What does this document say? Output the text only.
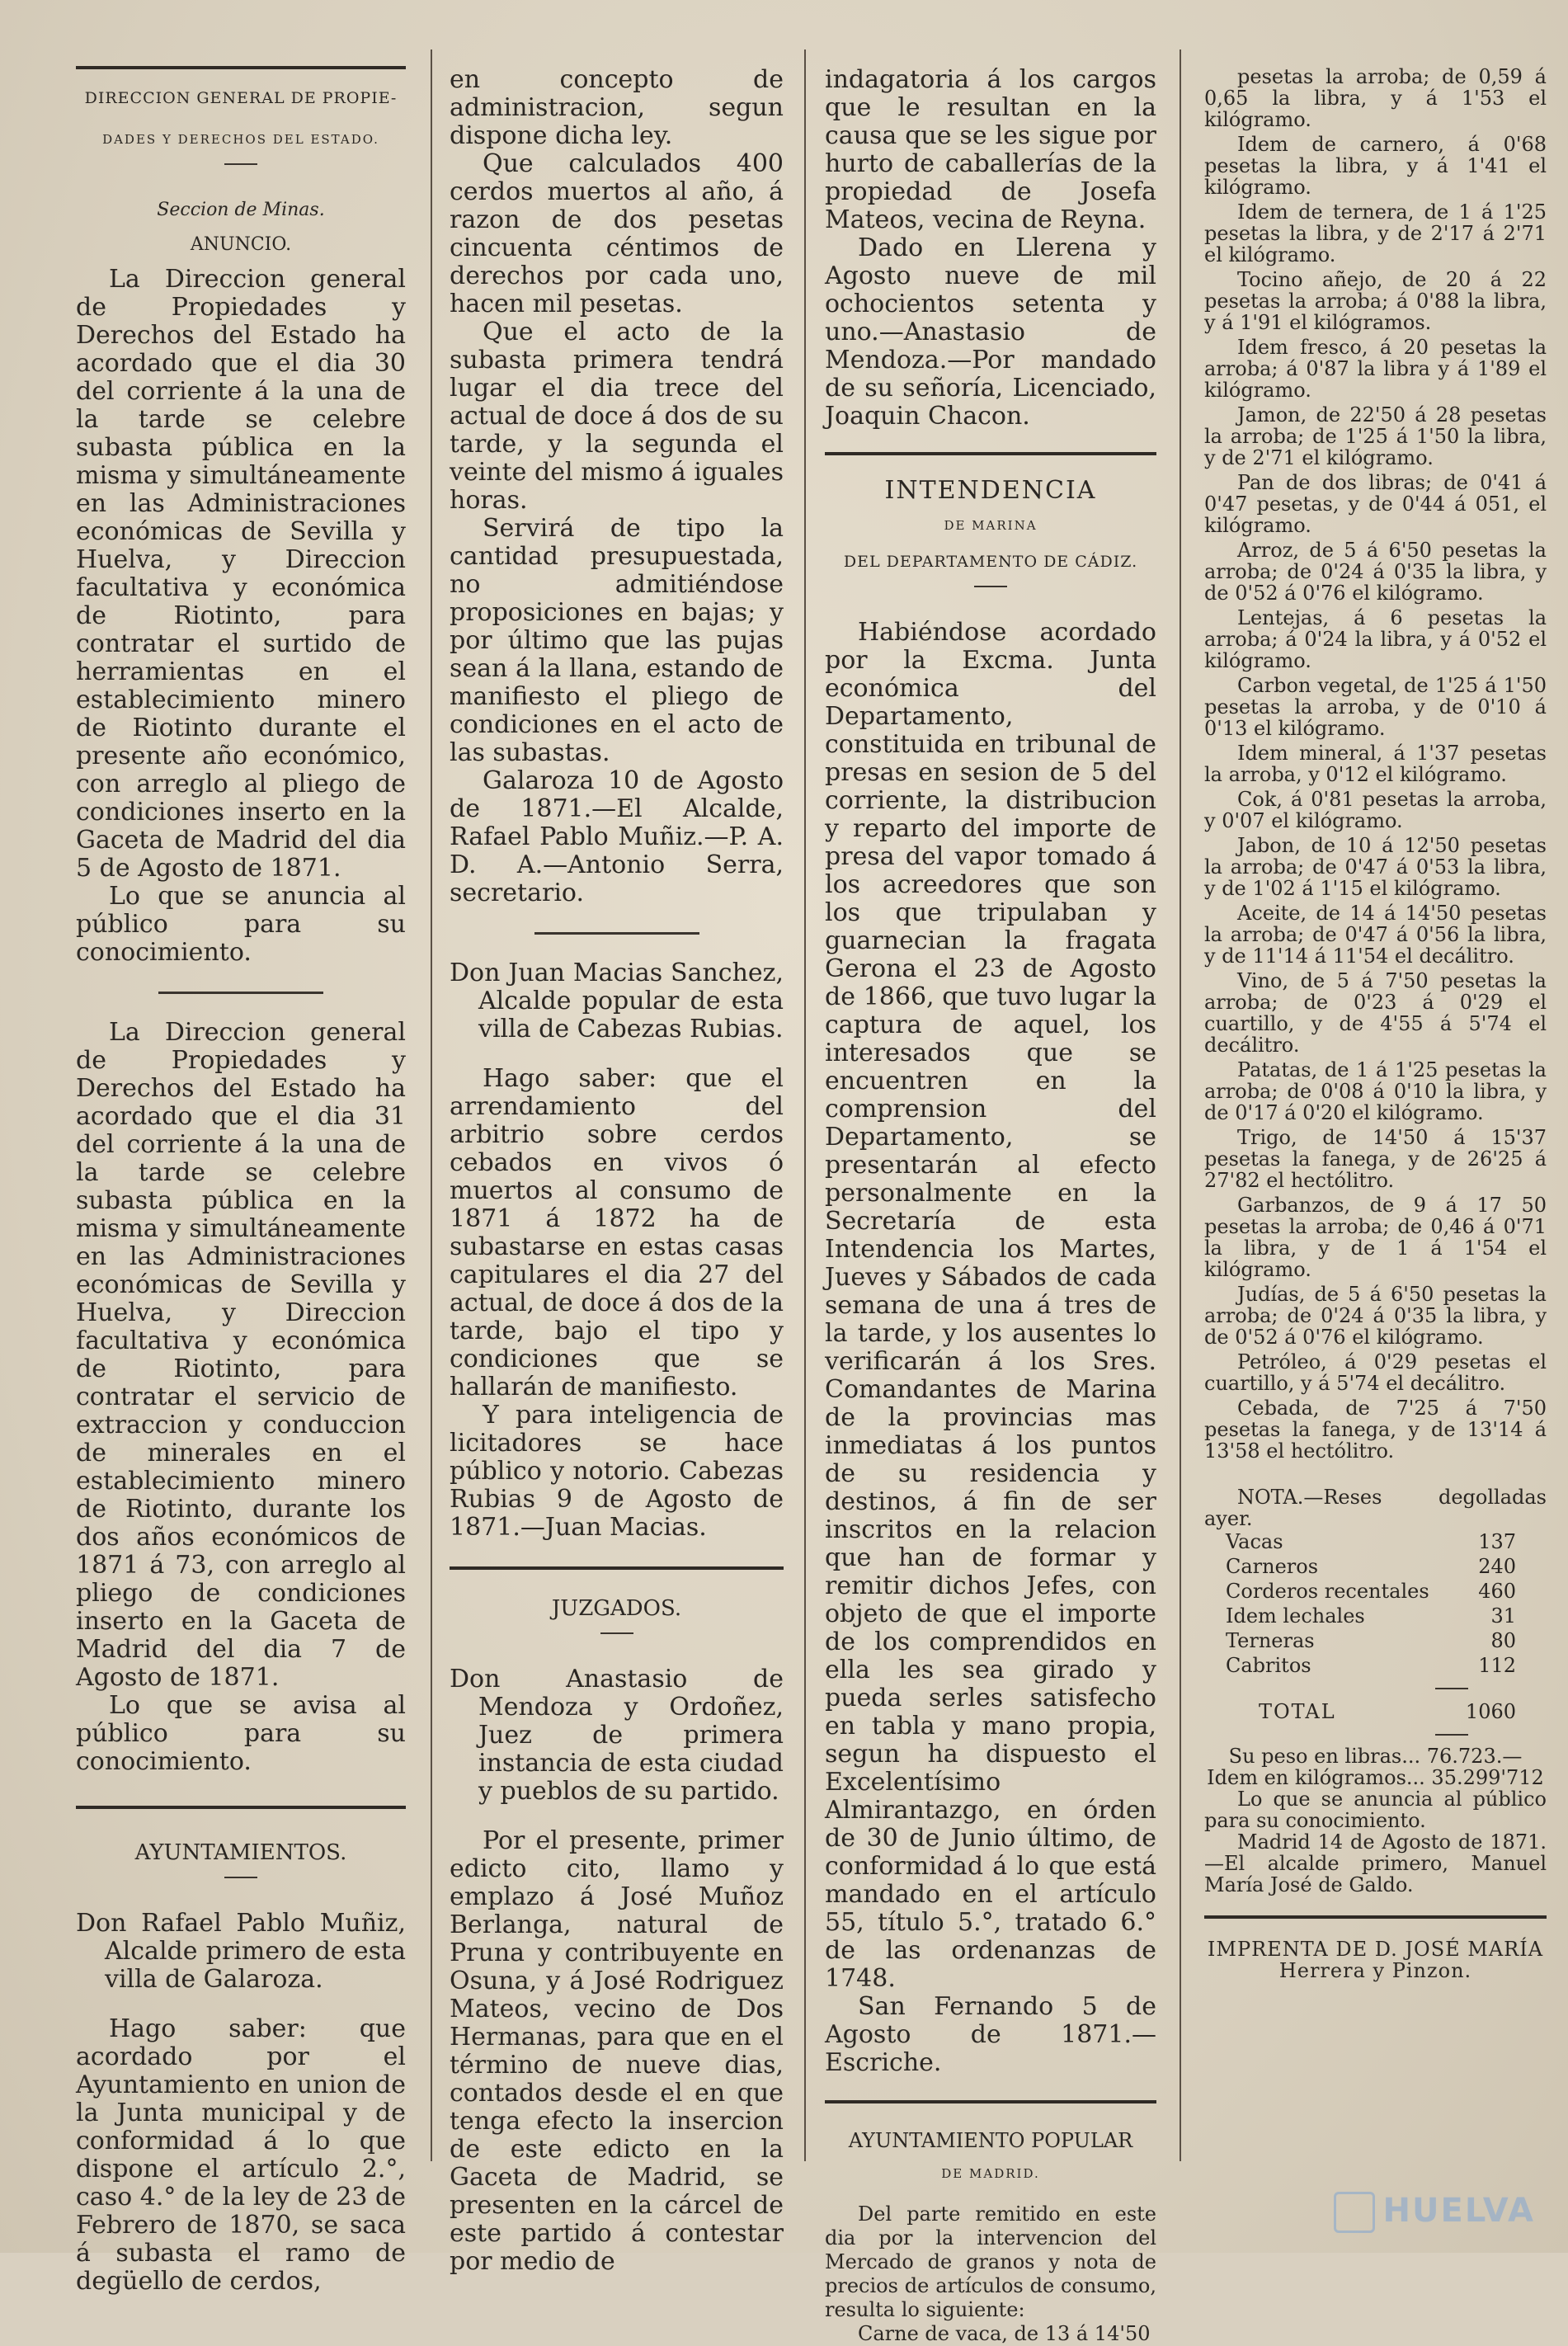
DIRECCION GENERAL DE PROPIE-

DADES Y DERECHOS DEL ESTADO.

Seccion de Minas.

ANUNCIO.

La Direccion general de Propiedades y Derechos del Estado ha acordado que el dia 30 del corriente á la una de la tarde se celebre subasta pública en la misma y simultáneamente en las Administraciones económicas de Sevilla y Huelva, y Direccion facultativa y económica de Riotinto, para contratar el surtido de herramientas en el establecimiento minero de Riotinto durante el presente año económico, con arreglo al pliego de condiciones inserto en la Gaceta de Madrid del dia 5 de Agosto de 1871.

Lo que se anuncia al público para su conocimiento.

La Direccion general de Propiedades y Derechos del Estado ha acordado que el dia 31 del corriente á la una de la tarde se celebre subasta pública en la misma y simultáneamente en las Administraciones económicas de Sevilla y Huelva, y Direccion facultativa y económica de Riotinto, para contratar el servicio de extraccion y conduccion de minerales en el establecimiento minero de Riotinto, durante los dos años económicos de 1871 á 73, con arreglo al pliego de condiciones inserto en la Gaceta de Madrid del dia 7 de Agosto de 1871.

Lo que se avisa al público para su conocimiento.

AYUNTAMIENTOS.

Don Rafael Pablo Muñiz, Alcalde primero de esta villa de Galaroza.

Hago saber: que acordado por el Ayuntamiento en union de la Junta municipal y de conformidad á lo que dispone el artículo 2.°, caso 4.° de la ley de 23 de Febrero de 1870, se saca á subasta el ramo de degüello de cerdos,

en concepto de administracion, segun dispone dicha ley.

Que calculados 400 cerdos muertos al año, á razon de dos pesetas cincuenta céntimos de derechos por cada uno, hacen mil pesetas.

Que el acto de la subasta primera tendrá lugar el dia trece del actual de doce á dos de su tarde, y la segunda el veinte del mismo á iguales horas.

Servirá de tipo la cantidad presupuestada, no admitiéndose proposiciones en bajas; y por último que las pujas sean á la llana, estando de manifiesto el pliego de condiciones en el acto de las subastas.

Galaroza 10 de Agosto de 1871.—El Alcalde, Rafael Pablo Muñiz.—P. A. D. A.—Antonio Serra, secretario.

Don Juan Macias Sanchez, Alcalde popular de esta villa de Cabezas Rubias.

Hago saber: que el arrendamiento del arbitrio sobre cerdos cebados en vivos ó muertos al consumo de 1871 á 1872 ha de subastarse en estas casas capitulares el dia 27 del actual, de doce á dos de la tarde, bajo el tipo y condiciones que se hallarán de manifiesto.

Y para inteligencia de licitadores se hace público y notorio. Cabezas Rubias 9 de Agosto de 1871.—Juan Macias.

JUZGADOS.

Don Anastasio de Mendoza y Ordoñez, Juez de primera instancia de esta ciudad y pueblos de su partido.

Por el presente, primer edicto cito, llamo y emplazo á José Muñoz Berlanga, natural de Pruna y contribuyente en Osuna, y á José Rodriguez Mateos, vecino de Dos Hermanas, para que en el término de nueve dias, contados desde el en que tenga efecto la insercion de este edicto en la Gaceta de Madrid, se presenten en la cárcel de este partido á contestar por medio de

indagatoria á los cargos que le resultan en la causa que se les sigue por hurto de caballerías de la propiedad de Josefa Mateos, vecina de Reyna.

Dado en Llerena y Agosto nueve de mil ochocientos setenta y uno.—Anastasio de Mendoza.—Por mandado de su señoría, Licenciado, Joaquin Chacon.

INTENDENCIA

DE MARINA

DEL DEPARTAMENTO DE CÁDIZ.

Habiéndose acordado por la Excma. Junta económica del Departamento, constituida en tribunal de presas en sesion de 5 del corriente, la distribucion y reparto del importe de presa del vapor tomado á los acreedores que son los que tripulaban y guarnecian la fragata Gerona el 23 de Agosto de 1866, que tuvo lugar la captura de aquel, los interesados que se encuentren en la comprension del Departamento, se presentarán al efecto personalmente en la Secretaría de esta Intendencia los Martes, Jueves y Sábados de cada semana de una á tres de la tarde, y los ausentes lo verificarán á los Sres. Comandantes de Marina de la provincias mas inmediatas á los puntos de su residencia y destinos, á fin de ser inscritos en la relacion que han de formar y remitir dichos Jefes, con objeto de que el importe de los comprendidos en ella les sea girado y pueda serles satisfecho en tabla y mano propia, segun ha dispuesto el Excelentísimo Almirantazgo, en órden de 30 de Junio último, de conformidad á lo que está mandado en el artículo 55, título 5.°, tratado 6.° de las ordenanzas de 1748.

San Fernando 5 de Agosto de 1871.—Escriche.

AYUNTAMIENTO POPULAR

DE MADRID.

Del parte remitido en este dia por la intervencion del Mercado de granos y nota de precios de artículos de consumo, resulta lo siguiente:

Carne de vaca, de 13 á 14'50

pesetas la arroba; de 0,59 á 0,65 la libra, y á 1'53 el kilógramo.

Idem de carnero, á 0'68 pesetas la libra, y á 1'41 el kilógramo.

Idem de ternera, de 1 á 1'25 pesetas la libra, y de 2'17 á 2'71 el kilógramo.

Tocino añejo, de 20 á 22 pesetas la arroba; á 0'88 la libra, y á 1'91 el kilógramos.

Idem fresco, á 20 pesetas la arroba; á 0'87 la libra y á 1'89 el kilógramo.

Jamon, de 22'50 á 28 pesetas la arroba; de 1'25 á 1'50 la libra, y de 2'71 el kilógramo.

Pan de dos libras; de 0'41 á 0'47 pesetas, y de 0'44 á 051, el kilógramo.

Arroz, de 5 á 6'50 pesetas la arroba; de 0'24 á 0'35 la libra, y de 0'52 á 0'76 el kilógramo.

Lentejas, á 6 pesetas la arroba; á 0'24 la libra, y á 0'52 el kilógramo.

Carbon vegetal, de 1'25 á 1'50 pesetas la arroba, y de 0'10 á 0'13 el kilógramo.

Idem mineral, á 1'37 pesetas la arroba, y 0'12 el kilógramo.

Cok, á 0'81 pesetas la arroba, y 0'07 el kilógramo.

Jabon, de 10 á 12'50 pesetas la arroba; de 0'47 á 0'53 la libra, y de 1'02 á 1'15 el kilógramo.

Aceite, de 14 á 14'50 pesetas la arroba; de 0'47 á 0'56 la libra, y de 11'14 á 11'54 el decálitro.

Vino, de 5 á 7'50 pesetas la arroba; de 0'23 á 0'29 el cuartillo, y de 4'55 á 5'74 el decálitro.

Patatas, de 1 á 1'25 pesetas la arroba; de 0'08 á 0'10 la libra, y de 0'17 á 0'20 el kilógramo.

Trigo, de 14'50 á 15'37 pesetas la fanega, y de 26'25 á 27'82 el hectólitro.

Garbanzos, de 9 á 17 50 pesetas la arroba; de 0,46 á 0'71 la libra, y de 1 á 1'54 el kilógramo.

Judías, de 5 á 6'50 pesetas la arroba; de 0'24 á 0'35 la libra, y de 0'52 á 0'76 el kilógramo.

Petróleo, á 0'29 pesetas el cuartillo, y á 5'74 el decálitro.

Cebada, de 7'25 á 7'50 pesetas la fanega, y de 13'14 á 13'58 el hectólitro.

NOTA.—Reses degolladas ayer.

Vacas	137
Carneros	240
Corderos recentales	460
Idem lechales	31
Terneras	80
Cabritos	112
TOTAL	1060

Su peso en libras... 76.723.—

Idem en kilógramos... 35.299'712

Lo que se anuncia al público para su conocimiento.

Madrid 14 de Agosto de 1871.—El alcalde primero, Manuel María José de Galdo.

IMPRENTA DE D. JOSÉ MARÍA Herrera y Pinzon.

HUELVA
